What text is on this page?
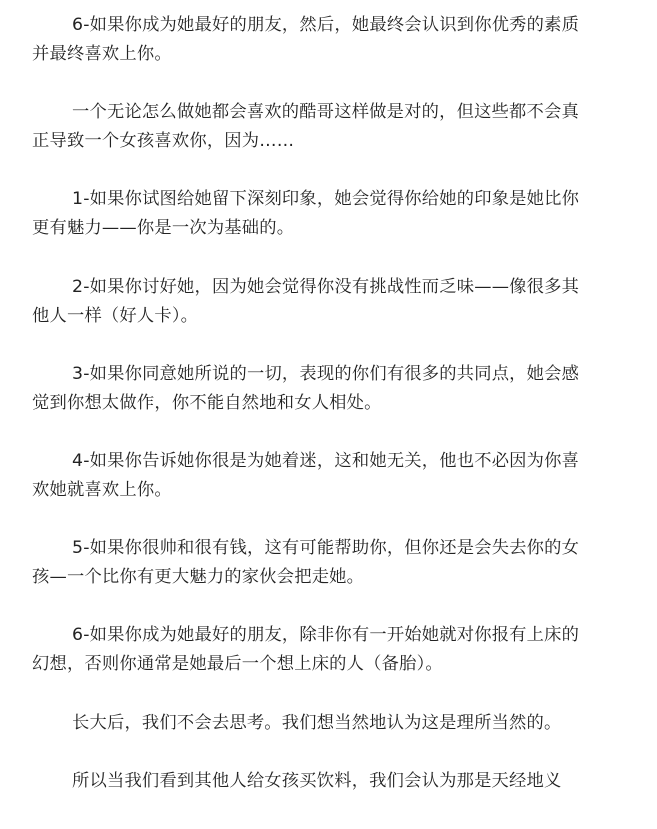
6-如果你成为她最好的朋友，然后，她最终会认识到你优秀的素质
并最终喜欢上你。
一个无论怎么做她都会喜欢的酷哥这样做是对的，但这些都不会真
正导致一个女孩喜欢你，因为……
1-如果你试图给她留下深刻印象，她会觉得你给她的印象是她比你
更有魅力——你是一次为基础的。
2-如果你讨好她，因为她会觉得你没有挑战性而乏味——像很多其
他人一样（好人卡）。
3-如果你同意她所说的一切，表现的你们有很多的共同点，她会感
觉到你想太做作，你不能自然地和女人相处。
4-如果你告诉她你很是为她着迷，这和她无关，他也不必因为你喜
欢她就喜欢上你。
5-如果你很帅和很有钱，这有可能帮助你，但你还是会失去你的女
孩—一个比你有更大魅力的家伙会把走她。
6-如果你成为她最好的朋友，除非你有一开始她就对你报有上床的
幻想，否则你通常是她最后一个想上床的人（备胎）。
长大后，我们不会去思考。我们想当然地认为这是理所当然的。
所以当我们看到其他人给女孩买饮料，我们会认为那是天经地义
